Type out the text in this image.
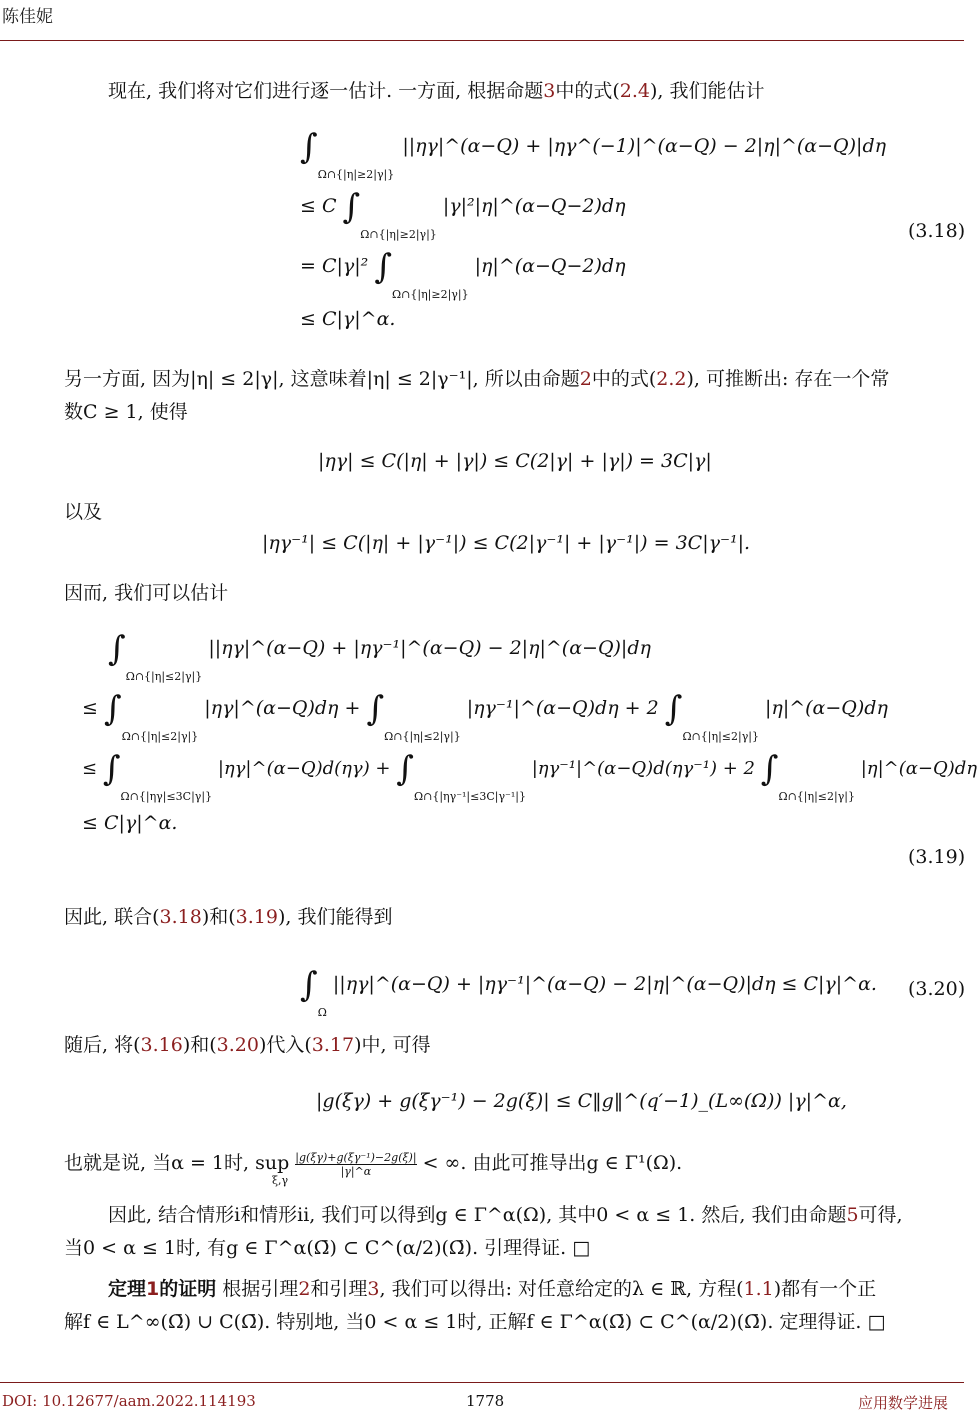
陈佳妮
现在, 我们将对它们进行逐一估计. 一方面, 根据命题3中的式(2.4), 我们能估计
$\int_{\Omega\cap\{|\eta|\ge 2|\gamma|\}}$ ||ηγ|^(α−Q) + |ηγ^(−1)|^(α−Q) − 2|η|^(α−Q)|dη
≤ C $\int_{\Omega\cap\{|\eta|\ge 2|\gamma|\}}$ |γ|²|η|^(α−Q−2)dη
= C|γ|² $\int_{\Omega\cap\{|\eta|\ge 2|\gamma|\}}$ |η|^(α−Q−2)dη
≤ C|γ|^α.
(3.18)
另一方面, 因为|η| ≤ 2|γ|, 这意味着|η| ≤ 2|γ⁻¹|, 所以由命题2中的式(2.2), 可推断出: 存在一个常
数C ≥ 1, 使得
|ηγ| ≤ C(|η| + |γ|) ≤ C(2|γ| + |γ|) = 3C|γ|
以及
|ηγ⁻¹| ≤ C(|η| + |γ⁻¹|) ≤ C(2|γ⁻¹| + |γ⁻¹|) = 3C|γ⁻¹|.
因而, 我们可以估计
$\int_{\Omega\cap\{|\eta|\le 2|\gamma|\}}$ ||ηγ|^(α−Q) + |ηγ⁻¹|^(α−Q) − 2|η|^(α−Q)|dη
≤ $\int_{\Omega\cap\{|\eta|\le 2|\gamma|\}}$ |ηγ|^(α−Q)dη + $\int_{\Omega\cap\{|\eta|\le 2|\gamma|\}}$ |ηγ⁻¹|^(α−Q)dη + 2 $\int_{\Omega\cap\{|\eta|\le 2|\gamma|\}}$ |η|^(α−Q)dη
≤ $\int_{\Omega\cap\{|\eta\gamma|\le 3C|\gamma|\}}$ |ηγ|^(α−Q)d(ηγ) + $\int_{\Omega\cap\{|\eta\gamma^{-1}|\le 3C|\gamma^{-1}|\}}$ |ηγ⁻¹|^(α−Q)d(ηγ⁻¹) + 2 $\int_{\Omega\cap\{|\eta|\le 2|\gamma|\}}$ |η|^(α−Q)dη
≤ C|γ|^α.
(3.19)
因此, 联合(3.18)和(3.19), 我们能得到
$\int_\Omega$ ||ηγ|^(α−Q) + |ηγ⁻¹|^(α−Q) − 2|η|^(α−Q)|dη ≤ C|γ|^α. (3.20)
随后, 将(3.16)和(3.20)代入(3.17)中, 可得
|g(ξγ) + g(ξγ⁻¹) − 2g(ξ)| ≤ C‖g‖^(q′−1)_(L∞(Ω)) |γ|^α,
也就是说, 当α = 1时, sup $\frac{\text{|g(ξγ)+g(ξγ⁻¹)−2g(ξ)|}}{|\gamma|\^{}\alpha}$ < ∞. 由此可推导出g ∈ Γ¹(Ω).
ξ,γ
因此, 结合情形i和情形ii, 我们可以得到g ∈ Γ^α(Ω), 其中0 < α ≤ 1. 然后, 我们由命题5可得,
当0 < α ≤ 1时, 有g ∈ Γ^α(Ω̄) ⊂ C^(α/2)(Ω̄). 引理得证. □
定理1的证明 根据引理2和引理3, 我们可以得出: 对任意给定的λ ∈ ℝ, 方程(1.1)都有一个正
解f ∈ L^∞(Ω̄) ∪ C(Ω̄). 特别地, 当0 < α ≤ 1时, 正解f ∈ Γ^α(Ω̄) ⊂ C^(α/2)(Ω̄). 定理得证. □
DOI: 10.12677/aam.2022.114193	1778	应用数学进展
